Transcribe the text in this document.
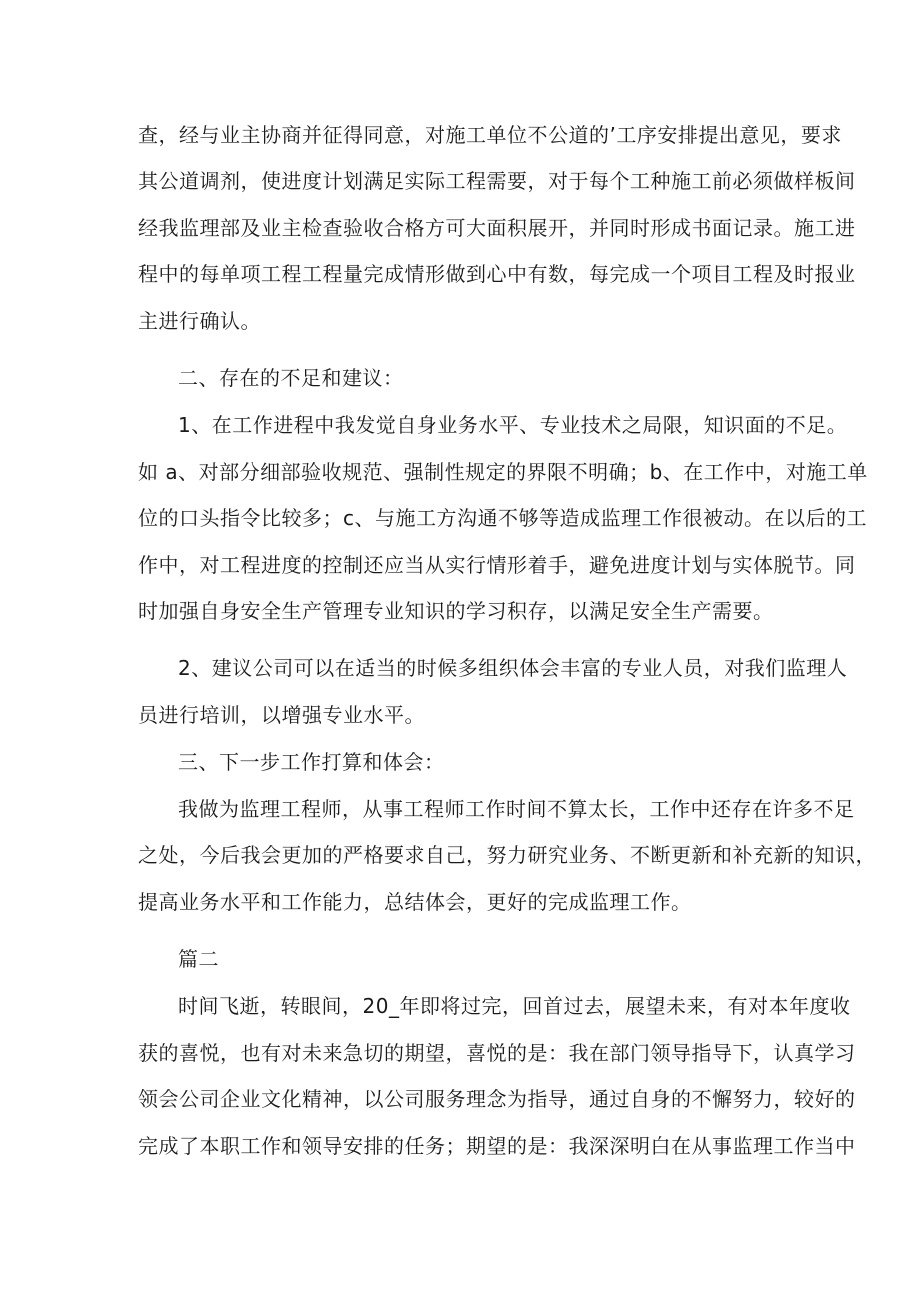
查，经与业主协商并征得同意，对施工单位不公道的’工序安排提出意见，要求
其公道调剂，使进度计划满足实际工程需要，对于每个工种施工前必须做样板间
经我监理部及业主检查验收合格方可大面积展开，并同时形成书面记录。施工进
程中的每单项工程工程量完成情形做到心中有数，每完成一个项目工程及时报业
主进行确认。
二、存在的不足和建议：
1、在工作进程中我发觉自身业务水平、专业技术之局限，知识面的不足。
如 a、对部分细部验收规范、强制性规定的界限不明确；b、在工作中，对施工单
位的口头指令比较多；c、与施工方沟通不够等造成监理工作很被动。在以后的工
作中，对工程进度的控制还应当从实行情形着手，避免进度计划与实体脱节。同
时加强自身安全生产管理专业知识的学习积存，以满足安全生产需要。
2、建议公司可以在适当的时候多组织体会丰富的专业人员，对我们监理人
员进行培训，以增强专业水平。
三、下一步工作打算和体会：
我做为监理工程师，从事工程师工作时间不算太长，工作中还存在许多不足
之处，今后我会更加的严格要求自己，努力研究业务、不断更新和补充新的知识，
提高业务水平和工作能力，总结体会，更好的完成监理工作。
篇二
时间飞逝，转眼间，20_年即将过完，回首过去，展望未来，有对本年度收
获的喜悦，也有对未来急切的期望，喜悦的是：我在部门领导指导下，认真学习
领会公司企业文化精神，以公司服务理念为指导，通过自身的不懈努力，较好的
完成了本职工作和领导安排的任务；期望的是：我深深明白在从事监理工作当中
